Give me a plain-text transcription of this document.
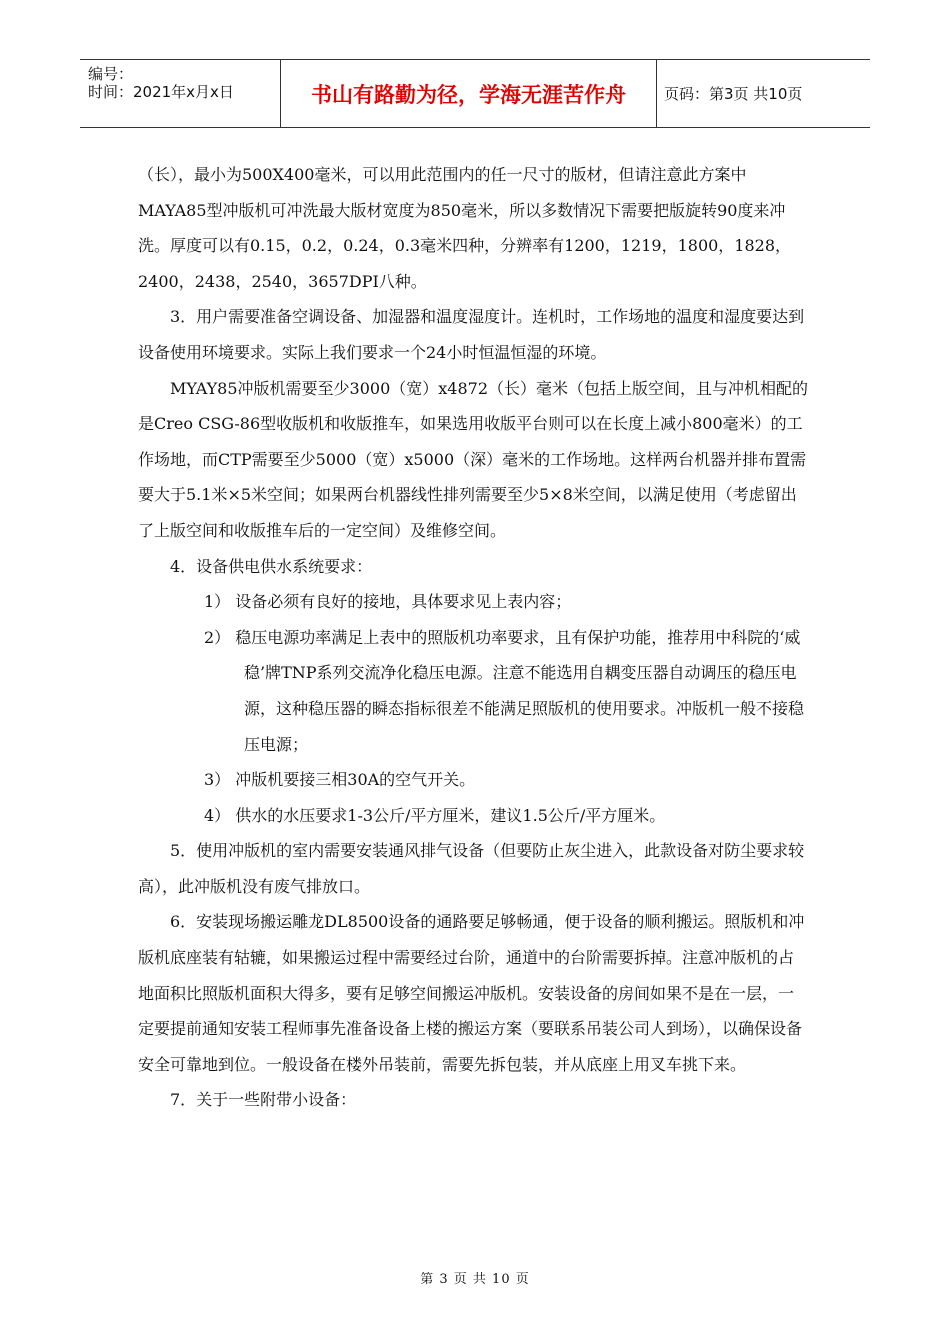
编号：
时间：2021年x月x日	书山有路勤为径，学海无涯苦作舟	页码：第3页 共10页

（长），最小为500X400毫米，可以用此范围内的任一尺寸的版材，但请注意此方案中MAYA85型冲版机可冲洗最大版材宽度为850毫米，所以多数情况下需要把版旋转90度来冲洗。厚度可以有0.15，0.2，0.24，0.3毫米四种，分辨率有1200，1219，1800，1828，2400，2438，2540，3657DPI八种。

3．用户需要准备空调设备、加湿器和温度湿度计。连机时，工作场地的温度和湿度要达到设备使用环境要求。实际上我们要求一个24小时恒温恒湿的环境。

MYAY85冲版机需要至少3000（宽）x4872（长）毫米（包括上版空间，且与冲机相配的是Creo CSG-86型收版机和收版推车，如果选用收版平台则可以在长度上减小800毫米）的工作场地，而CTP需要至少5000（宽）x5000（深）毫米的工作场地。这样两台机器并排布置需要大于5.1米×5米空间；如果两台机器线性排列需要至少5×8米空间，以满足使用（考虑留出了上版空间和收版推车后的一定空间）及维修空间。

4．设备供电供水系统要求：

1） 设备必须有良好的接地，具体要求见上表内容；

2） 稳压电源功率满足上表中的照版机功率要求，且有保护功能，推荐用中科院的‘威稳’牌TNP系列交流净化稳压电源。注意不能选用自耦变压器自动调压的稳压电源，这种稳压器的瞬态指标很差不能满足照版机的使用要求。冲版机一般不接稳压电源；

3） 冲版机要接三相30A的空气开关。

4） 供水的水压要求1-3公斤/平方厘米，建议1.5公斤/平方厘米。

5．使用冲版机的室内需要安装通风排气设备（但要防止灰尘进入，此款设备对防尘要求较高），此冲版机没有废气排放口。

6．安装现场搬运雕龙DL8500设备的通路要足够畅通，便于设备的顺利搬运。照版机和冲版机底座装有轱辘，如果搬运过程中需要经过台阶，通道中的台阶需要拆掉。注意冲版机的占地面积比照版机面积大得多，要有足够空间搬运冲版机。安装设备的房间如果不是在一层，一定要提前通知安装工程师事先准备设备上楼的搬运方案（要联系吊装公司人到场），以确保设备安全可靠地到位。一般设备在楼外吊装前，需要先拆包装，并从底座上用叉车挑下来。

7．关于一些附带小设备：

第 3 页 共 10 页
